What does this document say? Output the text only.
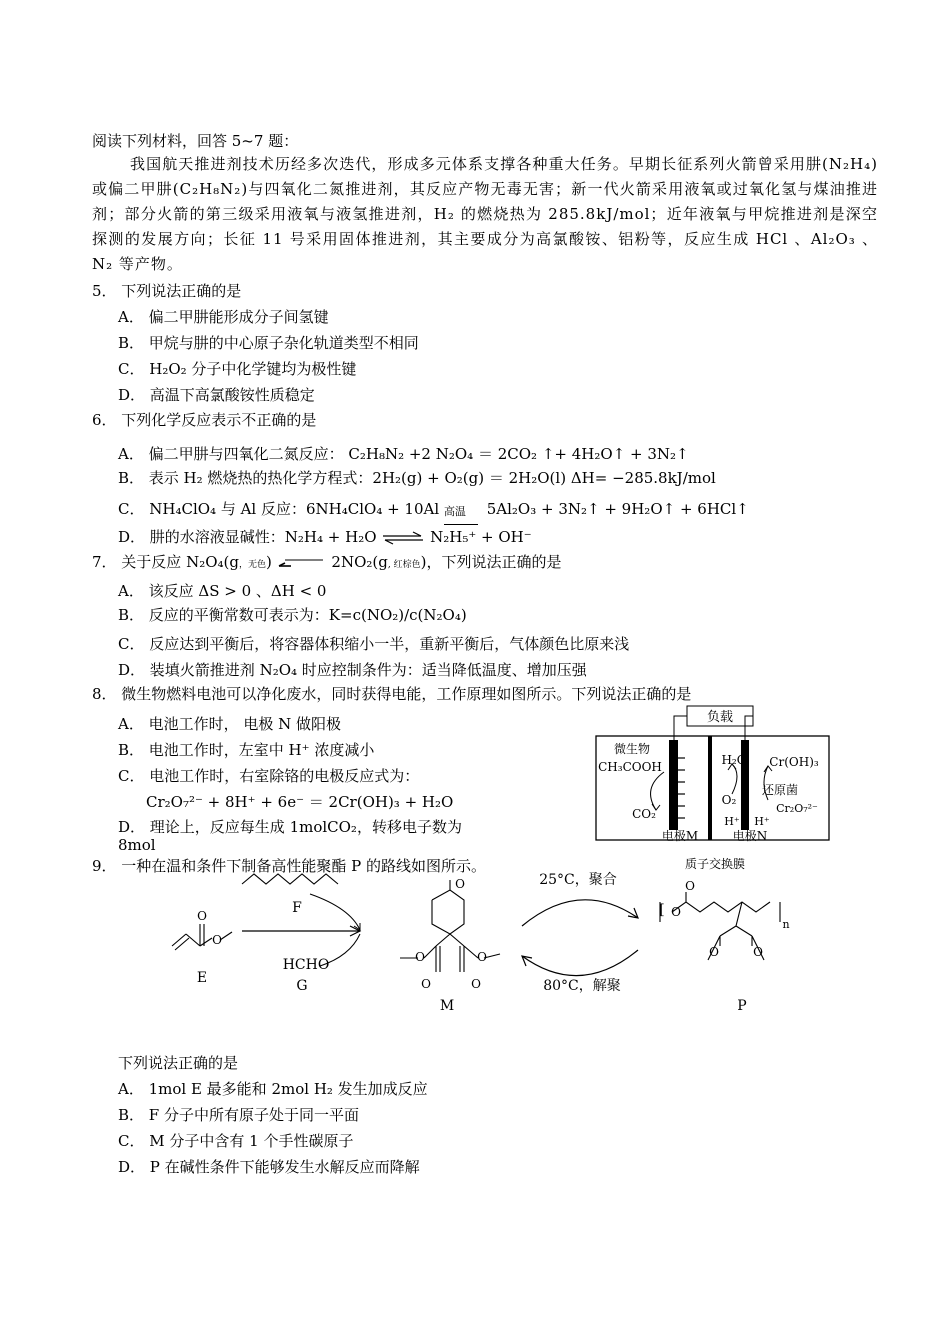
阅读下列材料，回答 5~7 题：

我国航天推进剂技术历经多次迭代，形成多元体系支撑各种重大任务。早期长征系列火箭曾采用肼(N₂H₄)或偏二甲肼(C₂H₈N₂)与四氧化二氮推进剂，其反应产物无毒无害；新一代火箭采用液氧或过氧化氢与煤油推进剂；部分火箭的第三级采用液氧与液氢推进剂，H₂ 的燃烧热为 285.8kJ/mol；近年液氧与甲烷推进剂是深空探测的发展方向；长征 11 号采用固体推进剂，其主要成分为高氯酸铵、铝粉等，反应生成 HCl 、Al₂O₃ 、N₂ 等产物。

5． 下列说法正确的是
A． 偏二甲肼能形成分子间氢键
B． 甲烷与肼的中心原子杂化轨道类型不相同
C． H₂O₂ 分子中化学键均为极性键
D． 高温下高氯酸铵性质稳定
6． 下列化学反应表示不正确的是
A． 偏二甲肼与四氧化二氮反应： C₂H₈N₂ +2 N₂O₄ ＝ 2CO₂ ↑+ 4H₂O↑ + 3N₂↑
B． 表示 H₂ 燃烧热的热化学方程式：2H₂(g) + O₂(g) ＝ 2H₂O(l) ΔH= −285.8kJ/mol
C． NH₄ClO₄ 与 Al 反应：6NH₄ClO₄ + 10Al 高温 5Al₂O₃ + 3N₂↑ + 9H₂O↑ + 6HCl↑
D． 肼的水溶液显碱性：N₂H₄ + H₂O ⇌ N₂H₅⁺ + OH⁻
7． 关于反应 N₂O₄(g，无色)	2NO₂(g, 红棕色)，下列说法正确的是
A． 该反应 ΔS > 0 、ΔH < 0
B． 反应的平衡常数可表示为：K=c(NO₂)/c(N₂O₄)
C． 反应达到平衡后，将容器体积缩小一半，重新平衡后，气体颜色比原来浅
D． 装填火箭推进剂 N₂O₄ 时应控制条件为：适当降低温度、增加压强
8． 微生物燃料电池可以净化废水，同时获得电能，工作原理如图所示。下列说法正确的是
A． 电池工作时， 电极 N 做阳极
B． 电池工作时，左室中 H⁺ 浓度减小
C． 电池工作时，右室除铬的电极反应式为：
Cr₂O₇²⁻ + 8H⁺ + 6e⁻ ＝ 2Cr(OH)₃ + H₂O
D． 理论上，反应每生成 1molCO₂，转移电子数为
8mol
负载
微生物
CH₃COOH
CO₂
电极M
H₂O Cr(OH)₃
还原菌
O₂
Cr₂O₇²⁻
H⁺ H⁺
电极N
质子交换膜
9． 一种在温和条件下制备高性能聚酯 P 的路线如图所示。
·
F
HCHO
G
O
O
E
O
O	O
O	O
M
25°C，聚合
80°C，解聚
[ O
O
n
O	O
P
下列说法正确的是
A． 1mol E 最多能和 2mol H₂ 发生加成反应
B． F 分子中所有原子处于同一平面
C． M 分子中含有 1 个手性碳原子
D． P 在碱性条件下能够发生水解反应而降解
